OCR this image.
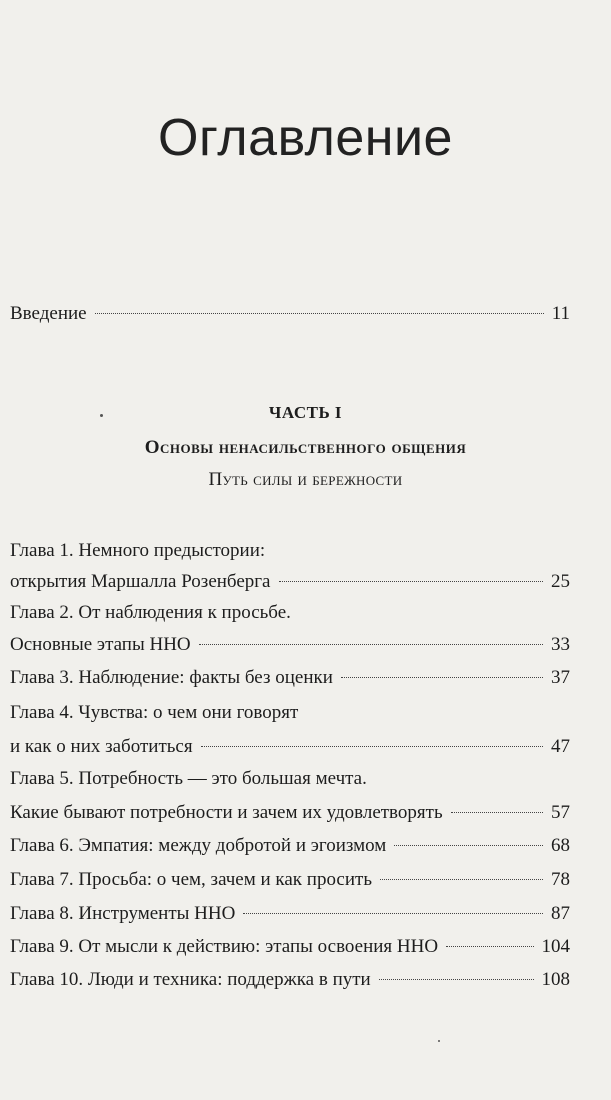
Оглавление
Введение	11
ЧАСТЬ I
Основы ненасильственного общения
Путь силы и бережности
Глава 1. Немного предыстории:
открытия Маршалла Розенберга	25
Глава 2. От наблюдения к просьбе.
Основные этапы ННО	33
Глава 3. Наблюдение: факты без оценки	37
Глава 4. Чувства: о чем они говорят
и как о них заботиться	47
Глава 5. Потребность — это большая мечта.
Какие бывают потребности и зачем их удовлетворять	57
Глава 6. Эмпатия: между добротой и эгоизмом	68
Глава 7. Просьба: о чем, зачем и как просить	78
Глава 8. Инструменты ННО	87
Глава 9. От мысли к действию: этапы освоения ННО	104
Глава 10. Люди и техника: поддержка в пути	108
